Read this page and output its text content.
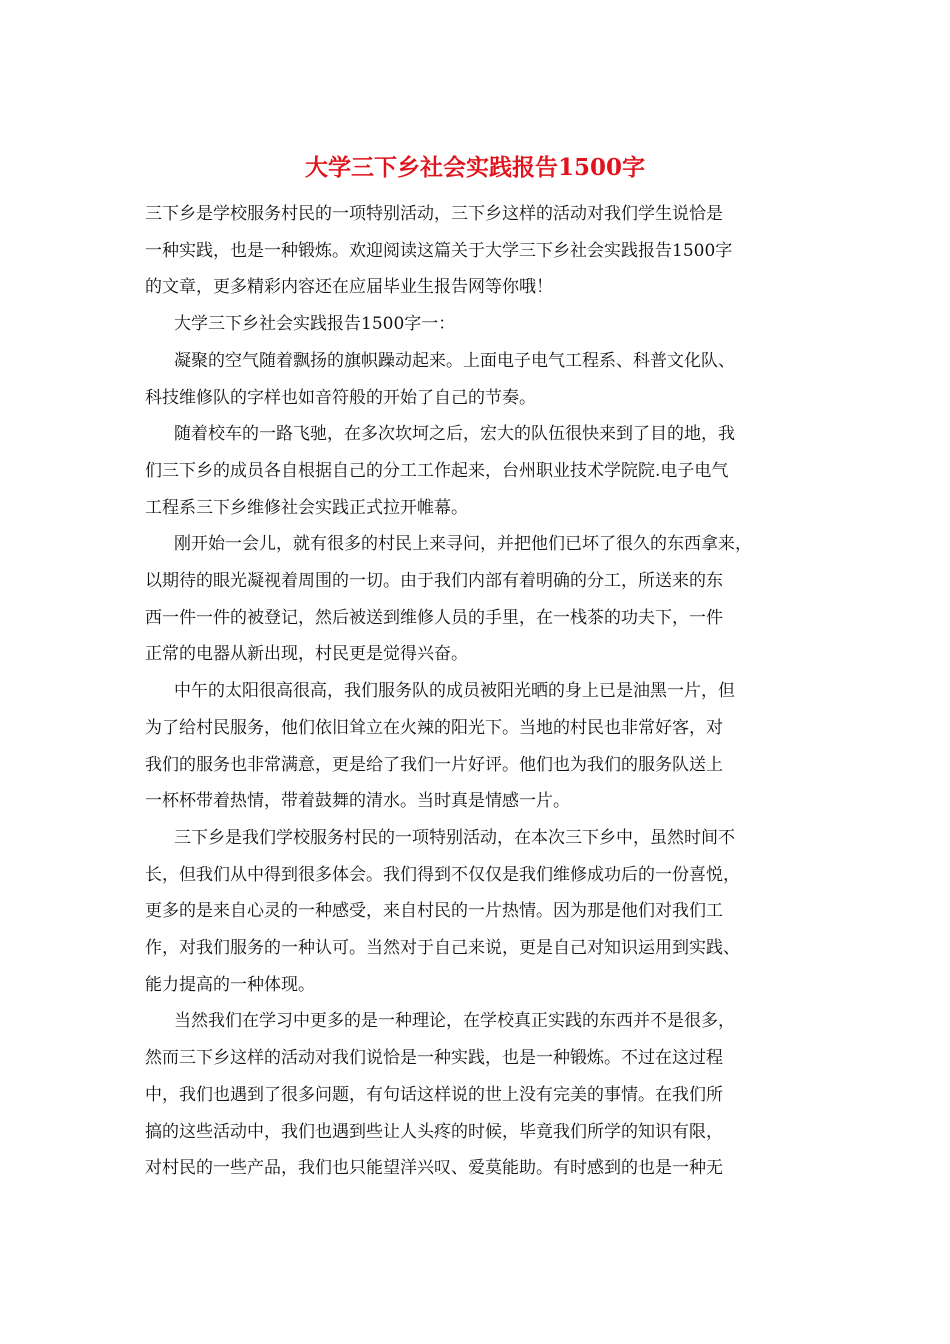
大学三下乡社会实践报告1500字
三下乡是学校服务村民的一项特别活动，三下乡这样的活动对我们学生说恰是
一种实践，也是一种锻炼。欢迎阅读这篇关于大学三下乡社会实践报告1500字
的文章，更多精彩内容还在应届毕业生报告网等你哦！
大学三下乡社会实践报告1500字一：
凝聚的空气随着飘扬的旗帜躁动起来。上面电子电气工程系、科普文化队、
科技维修队的字样也如音符般的开始了自己的节奏。
随着校车的一路飞驰，在多次坎坷之后，宏大的队伍很快来到了目的地，我
们三下乡的成员各自根据自己的分工工作起来，台州职业技术学院院.电子电气
工程系三下乡维修社会实践正式拉开帷幕。
刚开始一会儿，就有很多的村民上来寻问，并把他们已坏了很久的东西拿来，
以期待的眼光凝视着周围的一切。由于我们内部有着明确的分工，所送来的东
西一件一件的被登记，然后被送到维修人员的手里，在一栈茶的功夫下，一件
正常的电器从新出现，村民更是觉得兴奋。
中午的太阳很高很高，我们服务队的成员被阳光晒的身上已是油黑一片，但
为了给村民服务，他们依旧耸立在火辣的阳光下。当地的村民也非常好客，对
我们的服务也非常满意，更是给了我们一片好评。他们也为我们的服务队送上
一杯杯带着热情，带着鼓舞的清水。当时真是情感一片。
三下乡是我们学校服务村民的一项特别活动，在本次三下乡中，虽然时间不
长，但我们从中得到很多体会。我们得到不仅仅是我们维修成功后的一份喜悦，
更多的是来自心灵的一种感受，来自村民的一片热情。因为那是他们对我们工
作，对我们服务的一种认可。当然对于自己来说，更是自己对知识运用到实践、
能力提高的一种体现。
当然我们在学习中更多的是一种理论，在学校真正实践的东西并不是很多，
然而三下乡这样的活动对我们说恰是一种实践，也是一种锻炼。不过在这过程
中，我们也遇到了很多问题，有句话这样说的世上没有完美的事情。在我们所
搞的这些活动中，我们也遇到些让人头疼的时候，毕竟我们所学的知识有限，
对村民的一些产品，我们也只能望洋兴叹、爱莫能助。有时感到的也是一种无
